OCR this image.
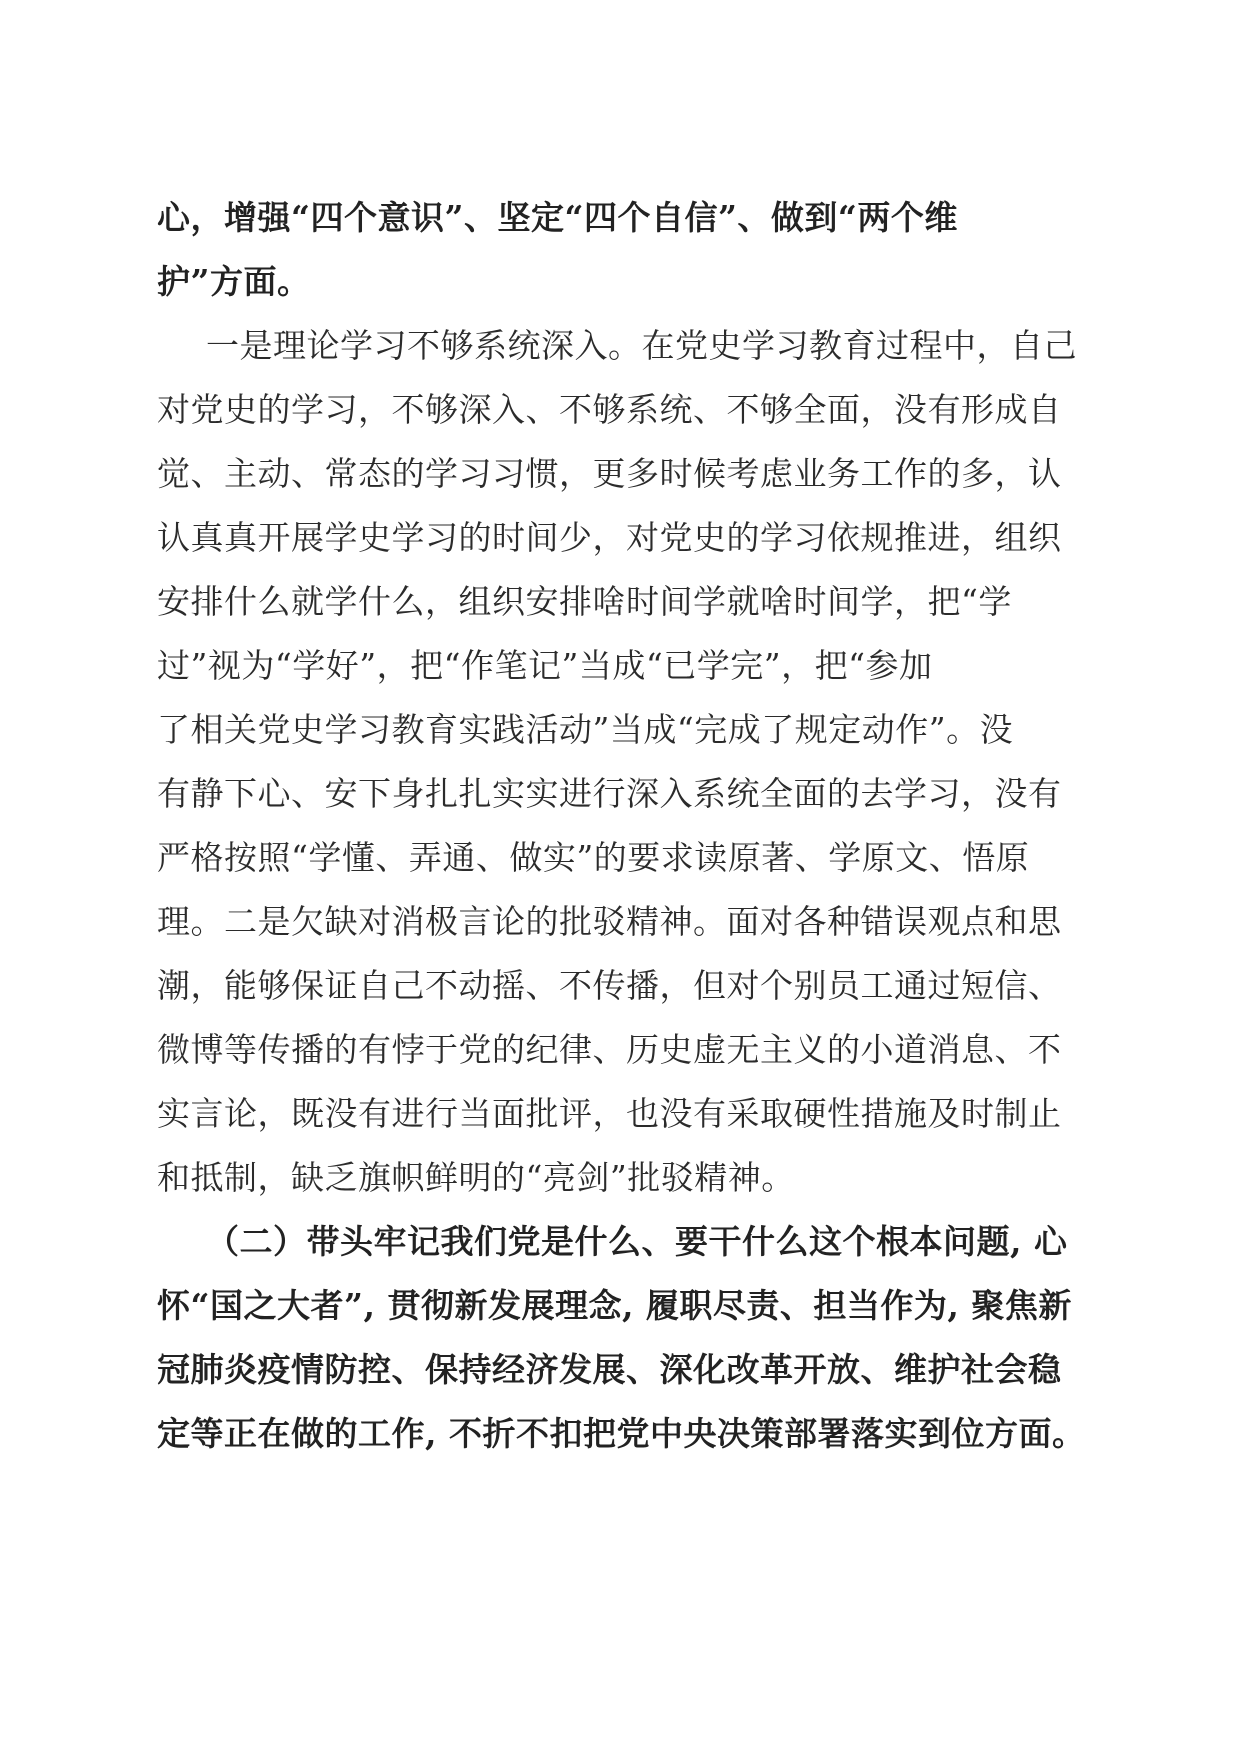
心，增强“四个意识”、坚定“四个自信”、做到“两个维
护”方面。
一是理论学习不够系统深入。在党史学习教育过程中，自己
对党史的学习，不够深入、不够系统、不够全面，没有形成自
觉、主动、常态的学习习惯，更多时候考虑业务工作的多，认
认真真开展学史学习的时间少，对党史的学习依规推进，组织
安排什么就学什么，组织安排啥时间学就啥时间学，把“学
过”视为“学好”，把“作笔记”当成“已学完”，把“参加
了相关党史学习教育实践活动”当成“完成了规定动作”。没
有静下心、安下身扎扎实实进行深入系统全面的去学习，没有
严格按照“学懂、弄通、做实”的要求读原著、学原文、悟原
理。二是欠缺对消极言论的批驳精神。面对各种错误观点和思
潮，能够保证自己不动摇、不传播，但对个别员工通过短信、
微博等传播的有悖于党的纪律、历史虚无主义的小道消息、不
实言论，既没有进行当面批评，也没有采取硬性措施及时制止
和抵制，缺乏旗帜鲜明的“亮剑”批驳精神。
（二）带头牢记我们党是什么、要干什么这个根本问题, 心
怀“国之大者”, 贯彻新发展理念, 履职尽责、担当作为, 聚焦新
冠肺炎疫情防控、保持经济发展、深化改革开放、维护社会稳
定等正在做的工作, 不折不扣把党中央决策部署落实到位方面。
